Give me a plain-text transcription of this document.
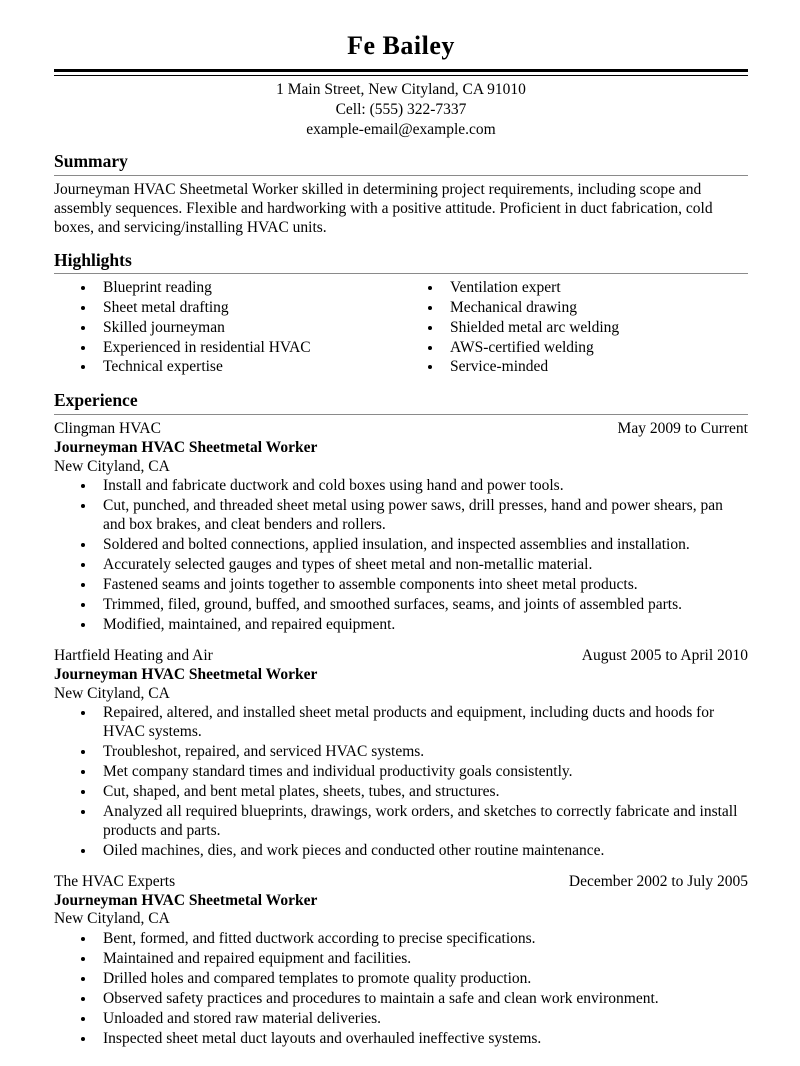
Fe Bailey
1 Main Street, New Cityland, CA 91010
Cell: (555) 322-7337
example-email@example.com
Summary
Journeyman HVAC Sheetmetal Worker skilled in determining project requirements, including scope and assembly sequences. Flexible and hardworking with a positive attitude. Proficient in duct fabrication, cold boxes, and servicing/installing HVAC units.
Highlights
• Blueprint reading
• Sheet metal drafting
• Skilled journeyman
• Experienced in residential HVAC
• Technical expertise
• Ventilation expert
• Mechanical drawing
• Shielded metal arc welding
• AWS-certified welding
• Service-minded
Experience
Clingman HVAC	May 2009 to Current
Journeyman HVAC Sheetmetal Worker
New Cityland, CA
• Install and fabricate ductwork and cold boxes using hand and power tools.
• Cut, punched, and threaded sheet metal using power saws, drill presses, hand and power shears, pan and box brakes, and cleat benders and rollers.
• Soldered and bolted connections, applied insulation, and inspected assemblies and installation.
• Accurately selected gauges and types of sheet metal and non-metallic material.
• Fastened seams and joints together to assemble components into sheet metal products.
• Trimmed, filed, ground, buffed, and smoothed surfaces, seams, and joints of assembled parts.
• Modified, maintained, and repaired equipment.
Hartfield Heating and Air	August 2005 to April 2010
Journeyman HVAC Sheetmetal Worker
New Cityland, CA
• Repaired, altered, and installed sheet metal products and equipment, including ducts and hoods for HVAC systems.
• Troubleshot, repaired, and serviced HVAC systems.
• Met company standard times and individual productivity goals consistently.
• Cut, shaped, and bent metal plates, sheets, tubes, and structures.
• Analyzed all required blueprints, drawings, work orders, and sketches to correctly fabricate and install products and parts.
• Oiled machines, dies, and work pieces and conducted other routine maintenance.
The HVAC Experts	December 2002 to July 2005
Journeyman HVAC Sheetmetal Worker
New Cityland, CA
• Bent, formed, and fitted ductwork according to precise specifications.
• Maintained and repaired equipment and facilities.
• Drilled holes and compared templates to promote quality production.
• Observed safety practices and procedures to maintain a safe and clean work environment.
• Unloaded and stored raw material deliveries.
• Inspected sheet metal duct layouts and overhauled ineffective systems.
